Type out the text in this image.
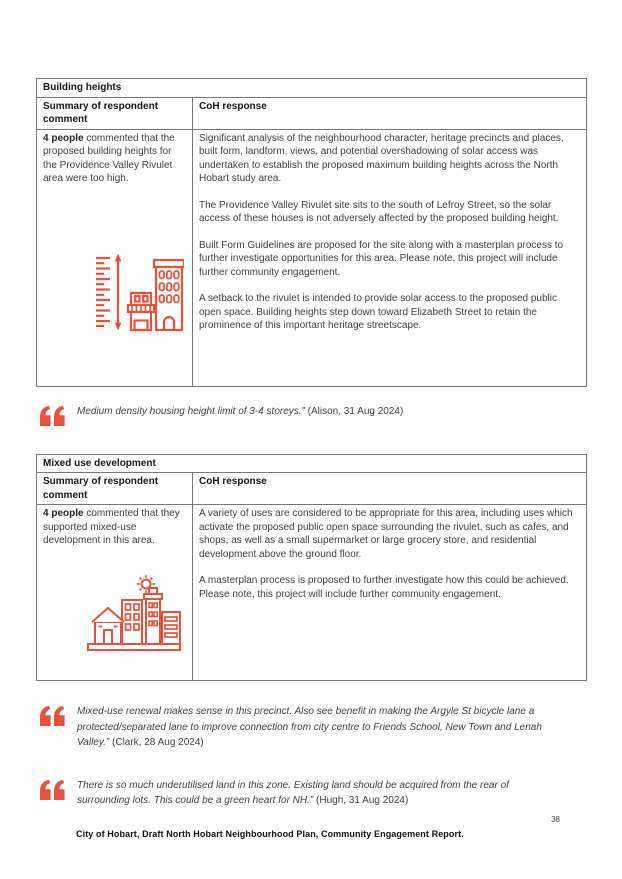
Building heights	
Summary of respondent comment	CoH response

4 people commented that the proposed building heights for the Providence Valley Rivulet area were too high.	Significant analysis of the neighbourhood character, heritage precincts and places, built form, landform, views, and potential overshadowing of solar access was undertaken to establish the proposed maximum building heights across the North Hobart study area.

The Providence Valley Rivulet site sits to the south of Lefroy Street, so the solar access of these houses is not adversely affected by the proposed building height.

Built Form Guidelines are proposed for the site along with a masterplan process to further investigate opportunities for this area. Please note, this project will include further community engagement.

A setback to the rivulet is intended to provide solar access to the proposed public open space. Building heights step down toward Elizabeth Street to retain the prominence of this important heritage streetscape.

Medium density housing height limit of 3-4 storeys.” (Alison, 31 Aug 2024)

Mixed use development	
Summary of respondent comment	CoH response

4 people commented that they supported mixed-use development in this area.	A variety of uses are considered to be appropriate for this area, including uses which activate the proposed public open space surrounding the rivulet, such as cafes, and shops, as well as a small supermarket or large grocery store, and residential development above the ground floor.

A masterplan process is proposed to further investigate how this could be achieved. Please note, this project will include further community engagement.

Mixed-use renewal makes sense in this precinct. Also see benefit in making the Argyle St bicycle lane a protected/separated lane to improve connection from city centre to Friends School, New Town and Lenah Valley.” (Clark, 28 Aug 2024)

There is so much underutilised land in this zone. Existing land should be acquired from the rear of surrounding lots. This could be a green heart for NH.” (Hugh, 31 Aug 2024)

38
City of Hobart, Draft North Hobart Neighbourhood Plan, Community Engagement Report.
